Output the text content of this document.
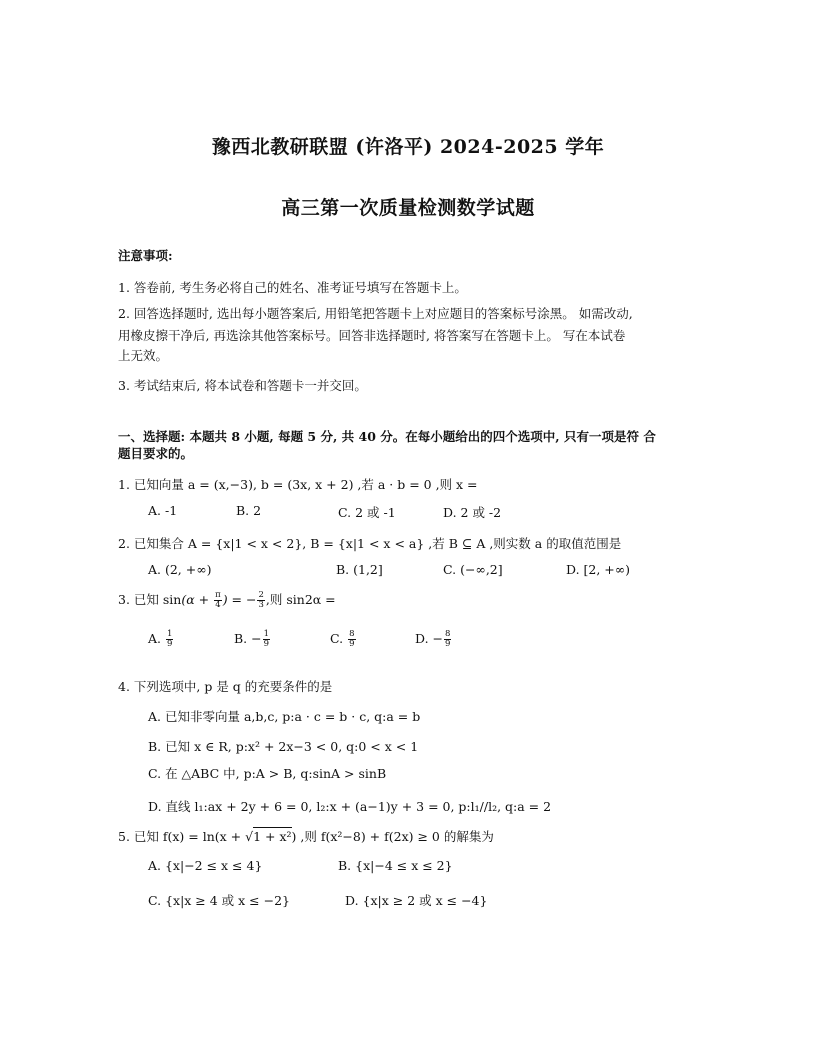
豫西北教研联盟 (许洛平) 2024-2025 学年
高三第一次质量检测数学试题
注意事项:
1. 答卷前, 考生务必将自己的姓名、准考证号填写在答题卡上。
2. 回答选择题时, 选出每小题答案后, 用铅笔把答题卡上对应题目的答案标号涂黑。 如需改动,
用橡皮擦干净后, 再选涂其他答案标号。回答非选择题时, 将答案写在答题卡上。 写在本试卷
上无效。
3. 考试结束后, 将本试卷和答题卡一并交回。
一、选择题: 本题共 8 小题, 每题 5 分, 共 40 分。在每小题给出的四个选项中, 只有一项是符 合
题目要求的。
1. 已知向量 a = (x,−3), b = (3x, x + 2) ,若 a · b = 0 ,则 x =
A. -1	B. 2	C. 2 或 -1	D. 2 或 -2
2. 已知集合 A = {x|1 < x < 2}, B = {x|1 < x < a} ,若 B ⊆ A ,则实数 a 的取值范围是
A. (2, +∞)	B. (1,2]	C. (−∞,2]	D. [2, +∞)
3. 已知 $\sin(\alpha + \frac{\pi}{4}$ ) = − $\frac{2}{3}$ ,则 sin2α =
A. $\frac{1}{9}$	B. − $\frac{1}{9}$	C. $\frac{8}{9}$	D. − $\frac{8}{9}$
4. 下列选项中, p 是 q 的充要条件的是
A. 已知非零向量 a,b,c, p:a · c = b · c, q:a = b
B. 已知 x ∈ R, p:x² + 2x−3 < 0, q:0 < x < 1
C. 在 △ABC 中, p:A > B, q:sinA > sinB
D. 直线 l₁:ax + 2y + 6 = 0, l₂:x + (a−1)y + 3 = 0, p:l₁//l₂, q:a = 2
5. 已知 f(x) = ln(x + √1 + x²) ,则 f(x²−8) + f(2x) ≥ 0 的解集为
A. {x|−2 ≤ x ≤ 4}	B. {x|−4 ≤ x ≤ 2}
C. {x|x ≥ 4 或 x ≤ −2}	D. {x|x ≥ 2 或 x ≤ −4}
